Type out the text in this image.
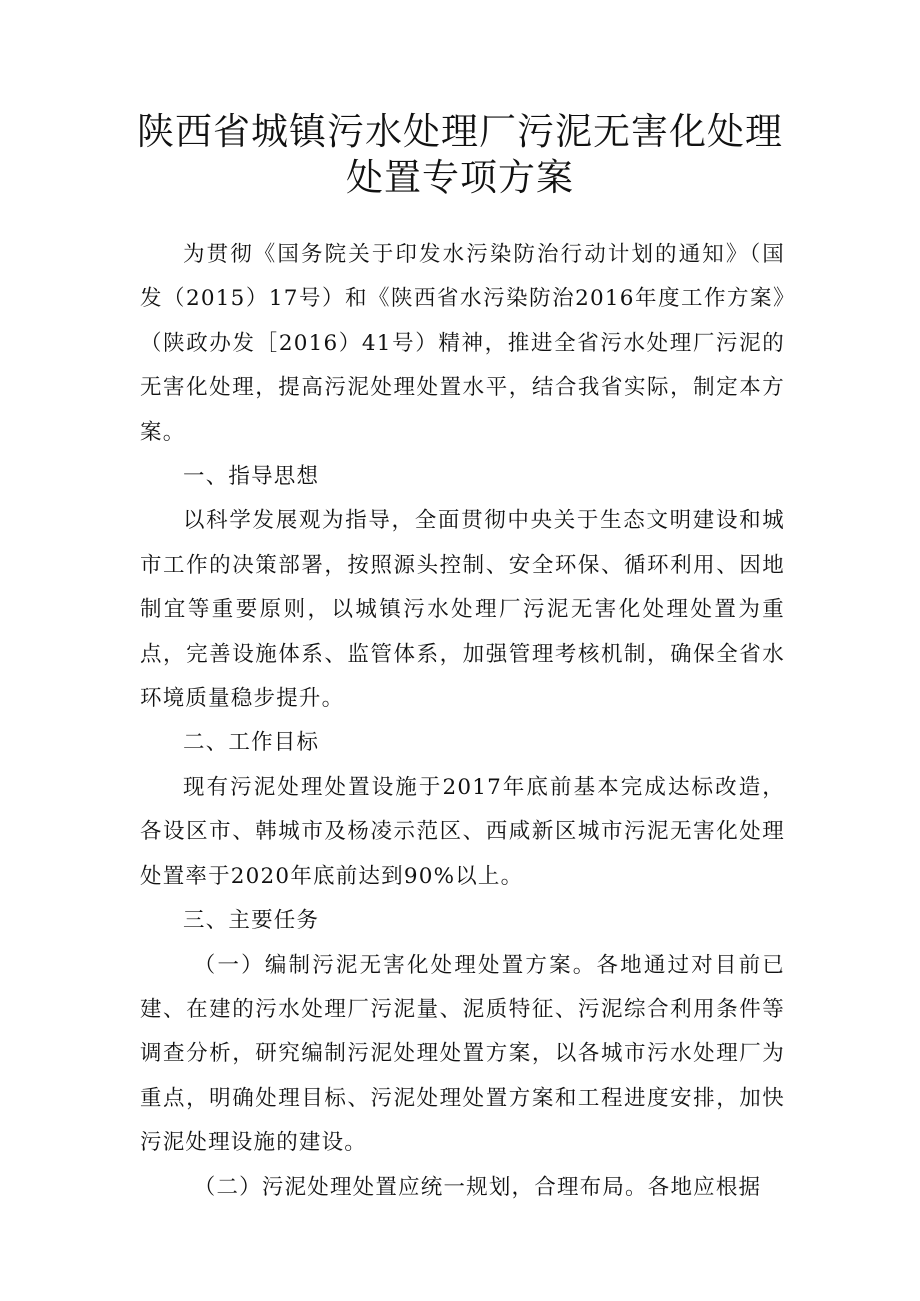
陕西省城镇污水处理厂污泥无害化处理
处置专项方案

为贯彻《国务院关于印发水污染防治行动计划的通知》（国发（2015）17号）和《陕西省水污染防治2016年度工作方案》（陕政办发［2016）41号）精神，推进全省污水处理厂污泥的无害化处理，提高污泥处理处置水平，结合我省实际，制定本方案。

一、指导思想

以科学发展观为指导，全面贯彻中央关于生态文明建设和城市工作的决策部署，按照源头控制、安全环保、循环利用、因地制宜等重要原则，以城镇污水处理厂污泥无害化处理处置为重点，完善设施体系、监管体系，加强管理考核机制，确保全省水环境质量稳步提升。

二、工作目标

现有污泥处理处置设施于2017年底前基本完成达标改造，各设区市、韩城市及杨凌示范区、西咸新区城市污泥无害化处理处置率于2020年底前达到90%以上。

三、主要任务

（一）编制污泥无害化处理处置方案。各地通过对目前已建、在建的污水处理厂污泥量、泥质特征、污泥综合利用条件等调查分析，研究编制污泥处理处置方案，以各城市污水处理厂为重点，明确处理目标、污泥处理处置方案和工程进度安排，加快污泥处理设施的建设。

（二）污泥处理处置应统一规划，合理布局。各地应根据
